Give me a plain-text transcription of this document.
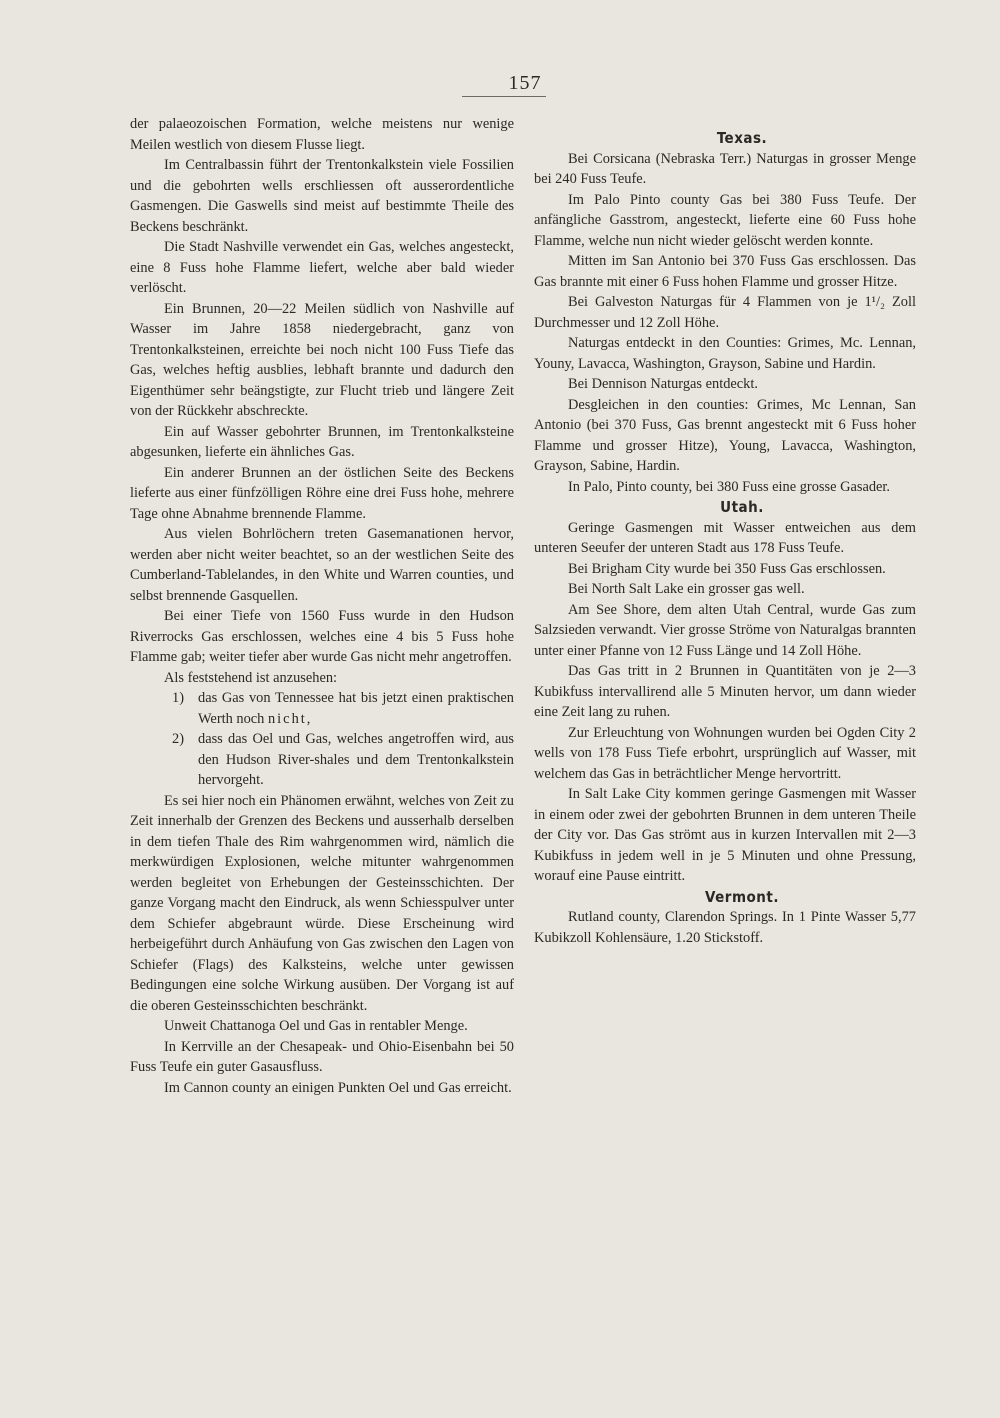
157

der palaeozoischen Formation, welche meistens nur wenige Meilen westlich von diesem Flusse liegt.

Im Centralbassin führt der Trentonkalkstein viele Fossilien und die gebohrten wells erschliessen oft ausserordentliche Gasmengen. Die Gaswells sind meist auf bestimmte Theile des Beckens beschränkt.

Die Stadt Nashville verwendet ein Gas, welches angesteckt, eine 8 Fuss hohe Flamme liefert, welche aber bald wieder verlöscht.

Ein Brunnen, 20—22 Meilen südlich von Nashville auf Wasser im Jahre 1858 niedergebracht, ganz von Trentonkalksteinen, erreichte bei noch nicht 100 Fuss Tiefe das Gas, welches heftig ausblies, lebhaft brannte und dadurch den Eigenthümer sehr beängstigte, zur Flucht trieb und längere Zeit von der Rückkehr abschreckte.

Ein auf Wasser gebohrter Brunnen, im Trentonkalksteine abgesunken, lieferte ein ähnliches Gas.

Ein anderer Brunnen an der östlichen Seite des Beckens lieferte aus einer fünfzölligen Röhre eine drei Fuss hohe, mehrere Tage ohne Abnahme brennende Flamme.

Aus vielen Bohrlöchern treten Gasemanationen hervor, werden aber nicht weiter beachtet, so an der westlichen Seite des Cumberland-Tablelandes, in den White und Warren counties, und selbst brennende Gasquellen.

Bei einer Tiefe von 1560 Fuss wurde in den Hudson Riverrocks Gas erschlossen, welches eine 4 bis 5 Fuss hohe Flamme gab; weiter tiefer aber wurde Gas nicht mehr angetroffen.

Als feststehend ist anzusehen:

1) das Gas von Tennessee hat bis jetzt einen praktischen Werth noch nicht,
2) dass das Oel und Gas, welches angetroffen wird, aus den Hudson River-shales und dem Trentonkalkstein hervorgeht.

Es sei hier noch ein Phänomen erwähnt, welches von Zeit zu Zeit innerhalb der Grenzen des Beckens und ausserhalb derselben in dem tiefen Thale des Rim wahrgenommen wird, nämlich die merkwürdigen Explosionen, welche mitunter wahrgenommen werden begleitet von Erhebungen der Gesteinsschichten. Der ganze Vorgang macht den Eindruck, als wenn Schiesspulver unter dem Schiefer abgebraunt würde. Diese Erscheinung wird herbeigeführt durch Anhäufung von Gas zwischen den Lagen von Schiefer (Flags) des Kalksteins, welche unter gewissen Bedingungen eine solche Wirkung ausüben. Der Vorgang ist auf die oberen Gesteinsschichten beschränkt.

Unweit Chattanoga Oel und Gas in rentabler Menge.

In Kerrville an der Chesapeak- und Ohio-Eisenbahn bei 50 Fuss Teufe ein guter Gasausfluss.

Im Cannon county an einigen Punkten Oel und Gas erreicht.

Texas.

Bei Corsicana (Nebraska Terr.) Naturgas in grosser Menge bei 240 Fuss Teufe.

Im Palo Pinto county Gas bei 380 Fuss Teufe. Der anfängliche Gasstrom, angesteckt, lieferte eine 60 Fuss hohe Flamme, welche nun nicht wieder gelöscht werden konnte.

Mitten im San Antonio bei 370 Fuss Gas erschlossen. Das Gas brannte mit einer 6 Fuss hohen Flamme und grosser Hitze.

Bei Galveston Naturgas für 4 Flammen von je 1¹/₂ Zoll Durchmesser und 12 Zoll Höhe.

Naturgas entdeckt in den Counties: Grimes, Mc. Lennan, Youny, Lavacca, Washington, Grayson, Sabine und Hardin.

Bei Dennison Naturgas entdeckt.

Desgleichen in den counties: Grimes, Mc Lennan, San Antonio (bei 370 Fuss, Gas brennt angesteckt mit 6 Fuss hoher Flamme und grosser Hitze), Young, Lavacca, Washington, Grayson, Sabine, Hardin.

In Palo, Pinto county, bei 380 Fuss eine grosse Gasader.

Utah.

Geringe Gasmengen mit Wasser entweichen aus dem unteren Seeufer der unteren Stadt aus 178 Fuss Teufe.

Bei Brigham City wurde bei 350 Fuss Gas erschlossen.

Bei North Salt Lake ein grosser gas well.

Am See Shore, dem alten Utah Central, wurde Gas zum Salzsieden verwandt. Vier grosse Ströme von Naturalgas brannten unter einer Pfanne von 12 Fuss Länge und 14 Zoll Höhe.

Das Gas tritt in 2 Brunnen in Quantitäten von je 2—3 Kubikfuss intervallirend alle 5 Minuten hervor, um dann wieder eine Zeit lang zu ruhen.

Zur Erleuchtung von Wohnungen wurden bei Ogden City 2 wells von 178 Fuss Tiefe erbohrt, ursprünglich auf Wasser, mit welchem das Gas in beträchtlicher Menge hervortritt.

In Salt Lake City kommen geringe Gasmengen mit Wasser in einem oder zwei der gebohrten Brunnen in dem unteren Theile der City vor. Das Gas strömt aus in kurzen Intervallen mit 2—3 Kubikfuss in jedem well in je 5 Minuten und ohne Pressung, worauf eine Pause eintritt.

Vermont.

Rutland county, Clarendon Springs. In 1 Pinte Wasser 5,77 Kubikzoll Kohlensäure, 1.20 Stickstoff.
